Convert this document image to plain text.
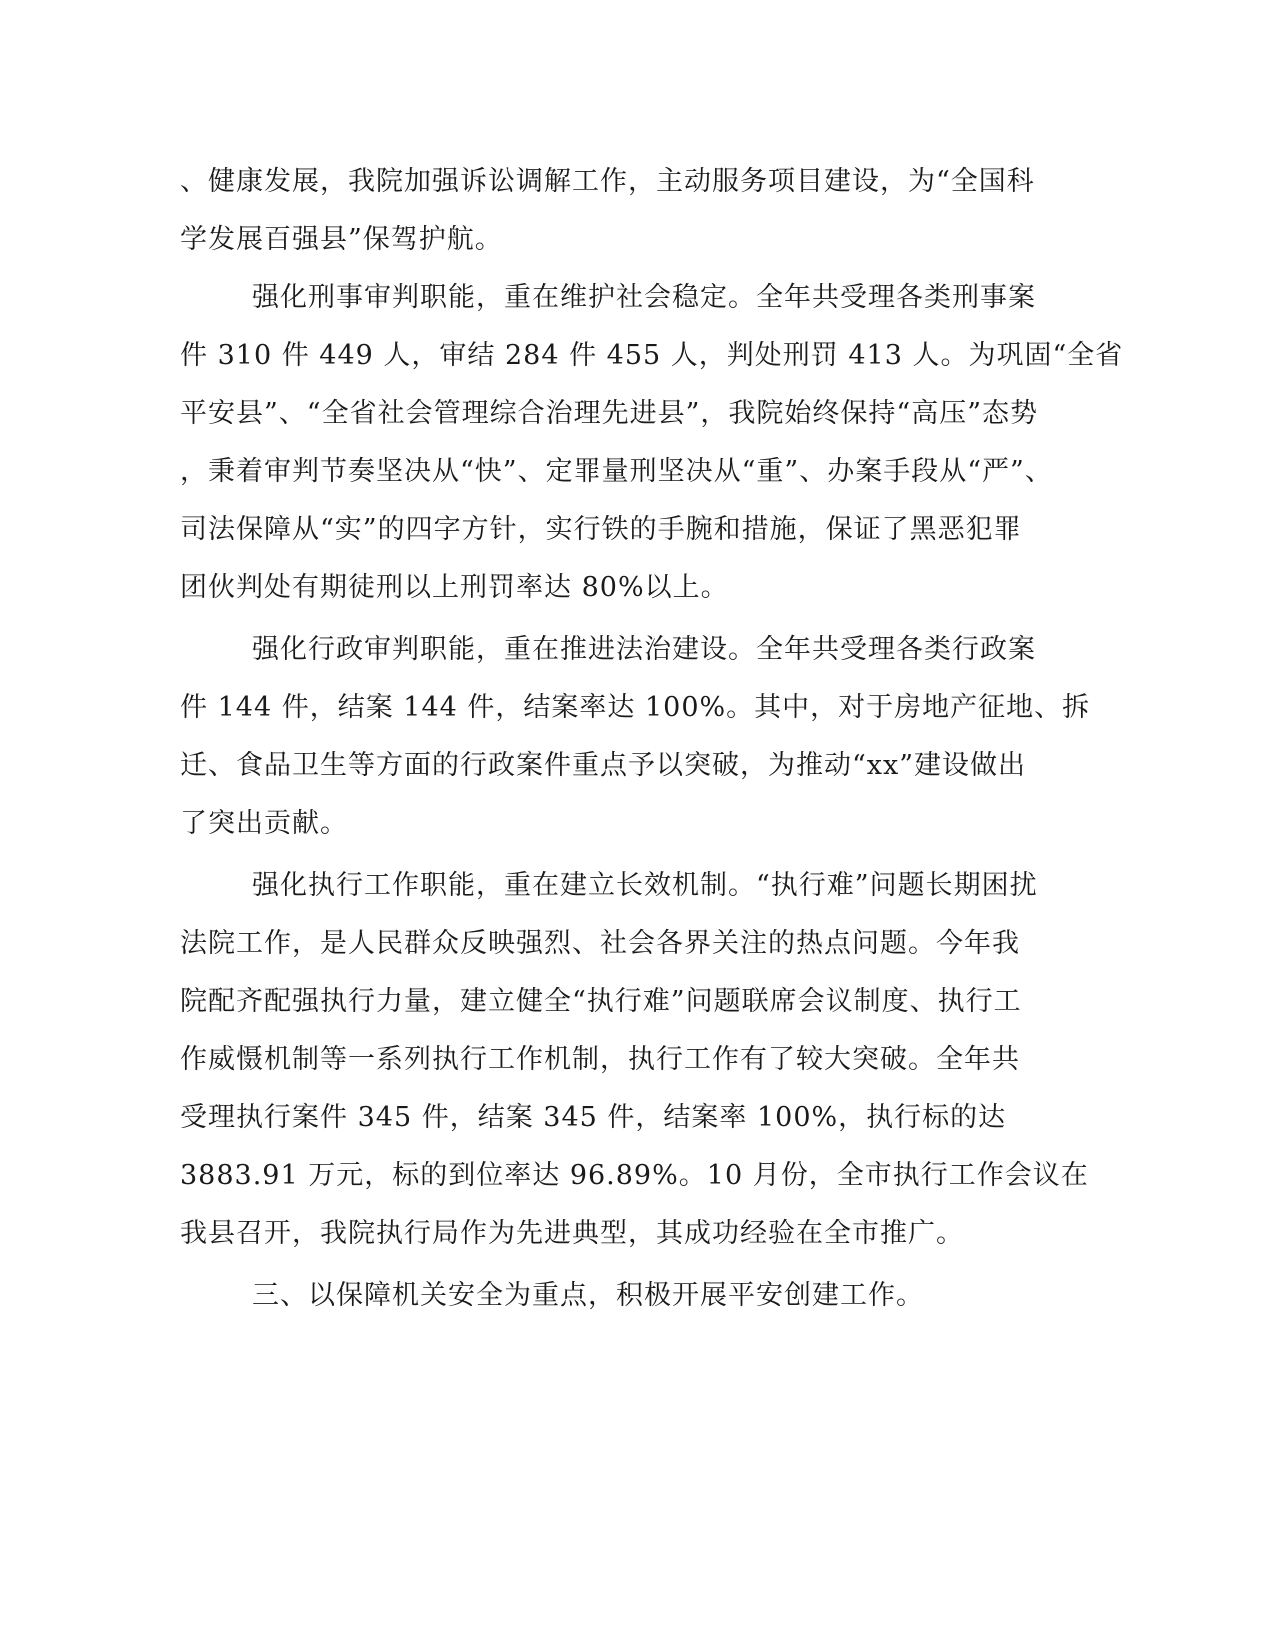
、健康发展，我院加强诉讼调解工作，主动服务项目建设，为“全国科
学发展百强县”保驾护航。
强化刑事审判职能，重在维护社会稳定。全年共受理各类刑事案
件 310 件 449 人，审结 284 件 455 人，判处刑罚 413 人。为巩固“全省
平安县”、“全省社会管理综合治理先进县”，我院始终保持“高压”态势
，秉着审判节奏坚决从“快”、定罪量刑坚决从“重”、办案手段从“严”、
司法保障从“实”的四字方针，实行铁的手腕和措施，保证了黑恶犯罪
团伙判处有期徒刑以上刑罚率达 80%以上。
强化行政审判职能，重在推进法治建设。全年共受理各类行政案
件 144 件，结案 144 件，结案率达 100%。其中，对于房地产征地、拆
迁、食品卫生等方面的行政案件重点予以突破，为推动“xx”建设做出
了突出贡献。
强化执行工作职能，重在建立长效机制。“执行难”问题长期困扰
法院工作，是人民群众反映强烈、社会各界关注的热点问题。今年我
院配齐配强执行力量，建立健全“执行难”问题联席会议制度、执行工
作威慑机制等一系列执行工作机制，执行工作有了较大突破。全年共
受理执行案件 345 件，结案 345 件，结案率 100%，执行标的达
3883.91 万元，标的到位率达 96.89%。10 月份，全市执行工作会议在
我县召开，我院执行局作为先进典型，其成功经验在全市推广。
三、以保障机关安全为重点，积极开展平安创建工作。
